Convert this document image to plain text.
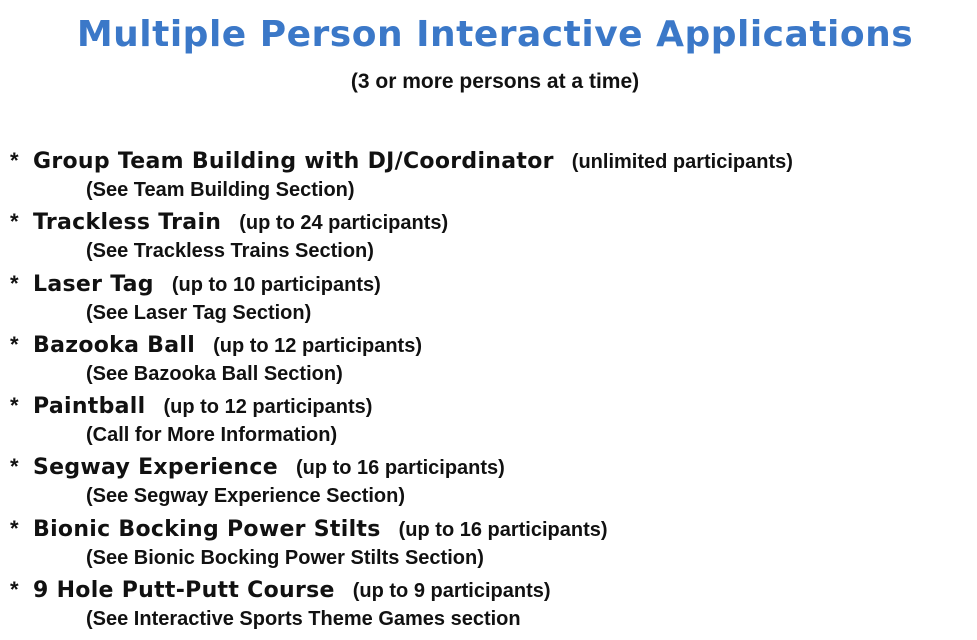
Multiple Person Interactive Applications
(3 or more persons at a time)
* Group Team Building with DJ/Coordinator (unlimited participants)
(See Team Building Section)
* Trackless Train (up to 24 participants)
(See Trackless Trains Section)
* Laser Tag (up to 10 participants)
(See Laser Tag Section)
* Bazooka Ball (up to 12 participants)
(See Bazooka Ball Section)
* Paintball (up to 12 participants)
(Call for More Information)
* Segway Experience (up to 16 participants)
(See Segway Experience Section)
* Bionic Bocking Power Stilts (up to 16 participants)
(See Bionic Bocking Power Stilts Section)
* 9 Hole Putt-Putt Course (up to 9 participants)
(See Interactive Sports Theme Games section
